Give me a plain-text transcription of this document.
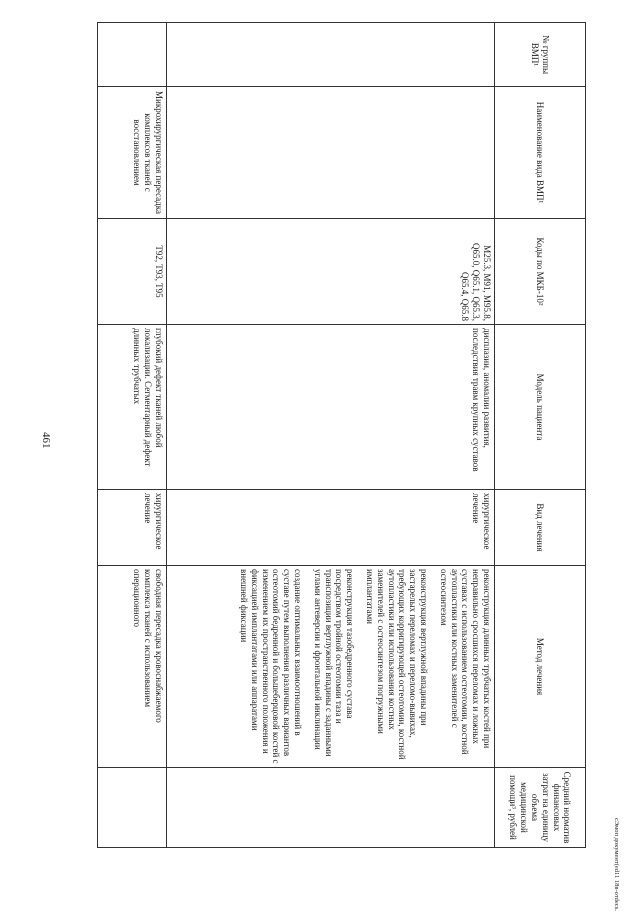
461
№ группы ВМП¹	Наименование вида ВМП¹	Коды по МКБ-10²	Модель пациента	Вид лечения	Метод лечения	Средний норматив финансовых затрат на единицу объема медицинской помощи³, рублей
		M25.3, M91, M95.8, Q65.0, Q65.1, Q65.3, Q65.4, Q65.8	дисплазии, аномалии развития, последствия травм крупных суставов	хирургическое лечение	реконструкция длинных трубчатых костей при неправильно сросшихся переломах и ложных суставах с использованием остеотомии, костной аутопластики или костных заменителей с остеосинтезом

реконструкция вертлужной впадины при застарелых переломах и переломо-вывихах, требующих корригирующей остеотомии, костной аутопластики или использования костных заменителей с остеосинтезом погружными имплантатами

реконструкция тазобедренного сустава посредством тройной остеотомии таза и транспозиции вертлужной впадины с заданными углами антеверсии и фронтальной инклинации

создание оптимальных взаимоотношений в суставе путем выполнения различных вариантов остеотомий бедренной и большеберцовой костей с изменением их пространственного положения и фиксацией имплантатами или аппаратами внешней фиксации	

	Микрохирургическая пересадка комплексов тканей с восстановлением	T92, T93, T95	глубокий дефект тканей любой локализации. Сегментарный дефект длинных трубчатых	хирургическое лечение	свободная пересадка кровоснабжаемого комплекса тканей с использованием операционного	

сЭмоп документ(ed11 18в-отdecs.
